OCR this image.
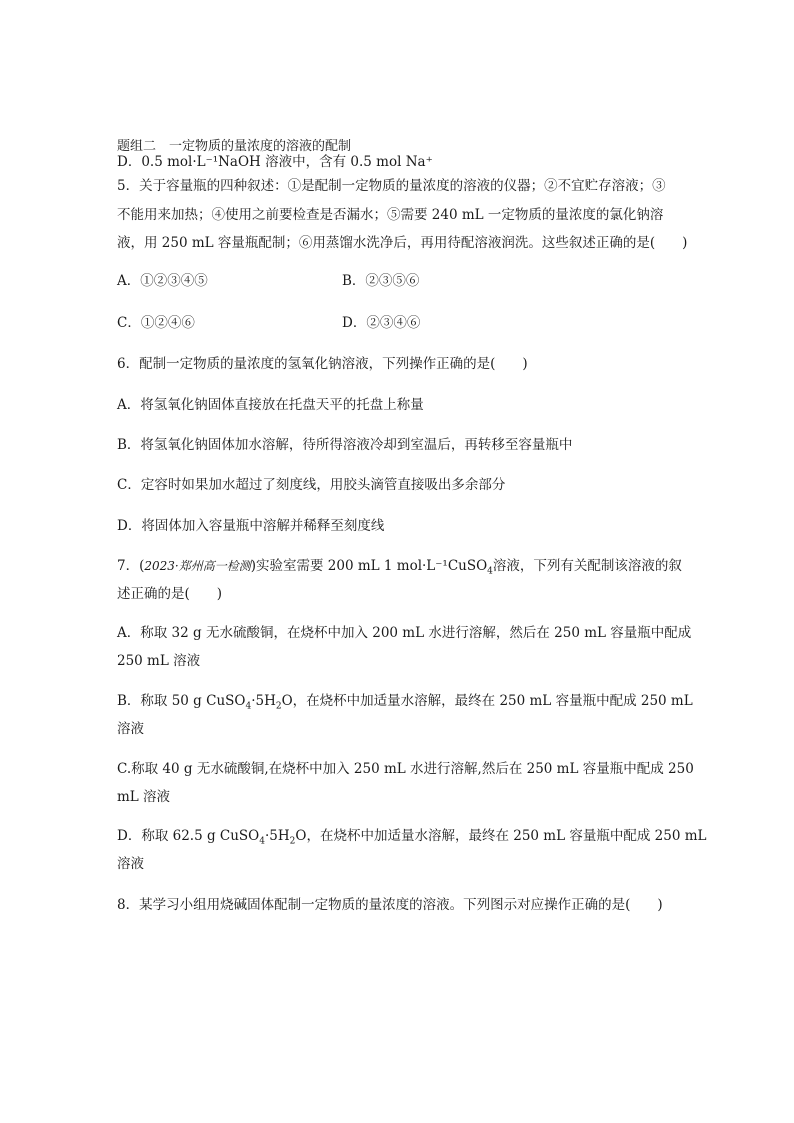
D．0.5 mol·L⁻¹NaOH 溶液中，含有 0.5 mol Na⁺
题组二　一定物质的量浓度的溶液的配制
5．关于容量瓶的四种叙述：①是配制一定物质的量浓度的溶液的仪器；②不宜贮存溶液；③
不能用来加热；④使用之前要检查是否漏水；⑤需要 240 mL 一定物质的量浓度的氯化钠溶
液，用 250 mL 容量瓶配制；⑥用蒸馏水洗净后，再用待配溶液润洗。这些叙述正确的是(　　)
A．①②③④⑤	B．②③⑤⑥
C．①②④⑥	D．②③④⑥
6．配制一定物质的量浓度的氢氧化钠溶液，下列操作正确的是(　　)
A．将氢氧化钠固体直接放在托盘天平的托盘上称量
B．将氢氧化钠固体加水溶解，待所得溶液冷却到室温后，再转移至容量瓶中
C．定容时如果加水超过了刻度线，用胶头滴管直接吸出多余部分
D．将固体加入容量瓶中溶解并稀释至刻度线
7．(2023·郑州高一检测)实验室需要 200 mL 1 mol·L⁻¹CuSO$_4$溶液，下列有关配制该溶液的叙
述正确的是(　　)
A．称取 32 g 无水硫酸铜，在烧杯中加入 200 mL 水进行溶解，然后在 250 mL 容量瓶中配成
250 mL 溶液
B．称取 50 g $CuSO_4\cdot 5H_2O$，在烧杯中加适量水溶解，最终在 250 mL 容量瓶中配成 250 mL
溶液
C.称取 40 g 无水硫酸铜,在烧杯中加入 250 mL 水进行溶解,然后在 250 mL 容量瓶中配成 250
mL 溶液
D．称取 62.5 g $CuSO_4\cdot 5H_2O$，在烧杯中加适量水溶解，最终在 250 mL 容量瓶中配成 250 mL
溶液
8．某学习小组用烧碱固体配制一定物质的量浓度的溶液。下列图示对应操作正确的是(　　)
